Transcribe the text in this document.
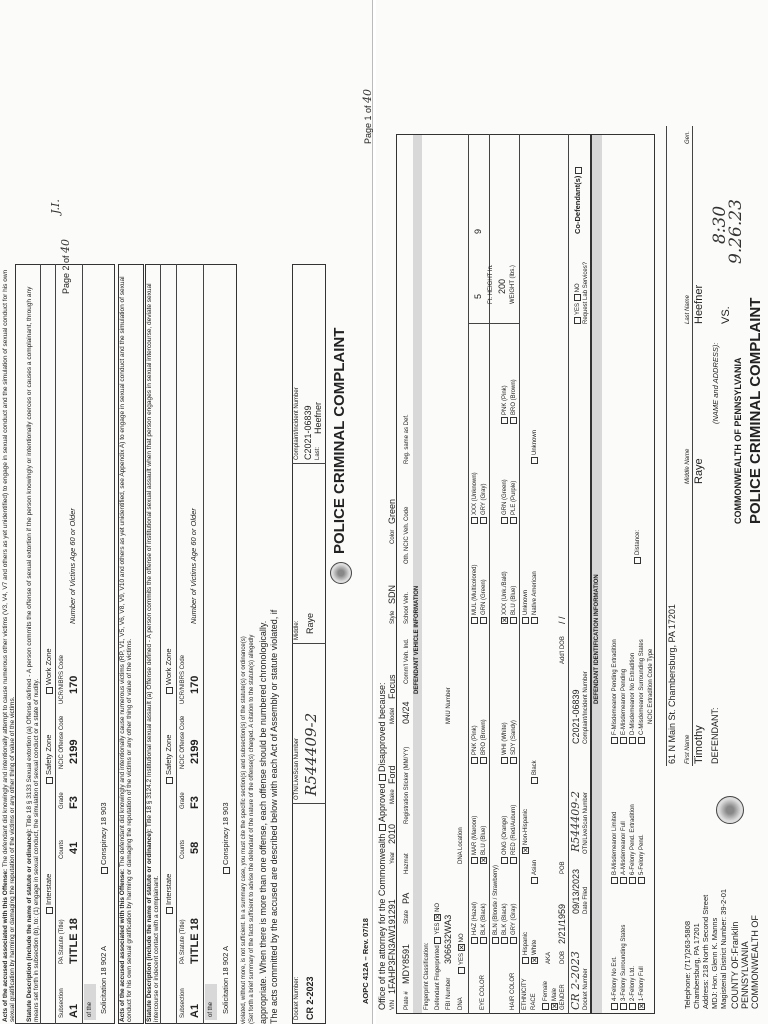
POLICE CRIMINAL COMPLAINT
Docket Number: CR 2-2023
OTN/LiveScan Number R544409-2
Middle: Raye
Complaint/Incident Number C2021-06839 Last:
Heefner
The acts committed by the accused are described below with each Act of Assembly or statute violated, if
appropriate. When there is more than one offense, each offense should be numbered chronologically.
(Set forth a brief summary of the facts sufficient to advise the defendant of the nature of the offense(s) charged. A citation to the statute(s) allegedly
violated, without more, is not sufficient. In a summary case, you must cite the specific section(s) and subsection(s) of the statute(s) or ordinance(s)
Solicitation 18 902 A
Conspiracy 18 903
of the
A1
TITLE 18
58
F3
2199
170
Subsection
PA Statute (Title)
Counts
Grade
NCIC Offense Code
UCR/NIBRS Code
Interstate
Safety Zone
Work Zone
Number of Victims Age 60 or Older
Statute Description (include the name of statute or ordinance): Title 18 § 3124.2 Institutional sexual assault (a) Offense defined - A person commits the offense of institutional sexual assault when that person engages in sexual intercourse, deviate sexual intercourse or indecent contact with a complainant.
Acts of the accused associated with this Offense: The defendant did knowingly and intentionally cause numerous victims (RP, V1, V5, V6, V8, V9, V10 and others as yet unidentified, see Appendix A) to engage in sexual conduct and the simulation of sexual conduct for his own sexual gratification by harming or damaging the reputation of the victims or any other thing of value of the victims.
Solicitation 18 902 A
Conspiracy 18 903
of the
A1
TITLE 18
41
F3
2199
170
Subsection
PA Statute (Title)
Counts
Grade
NCIC Offense Code
UCR/NIBRS Code
Interstate
Safety Zone
Work Zone
Number of Victims Age 60 or Older
Statute Description (include the name of statute or ordinance): Title 18 § 3133 Sexual extortion (a) Offense defined - A person commits the offense of sexual extortion if the person knowingly or intentionally coerces or causes a complainant, through any means set forth in subsection (b), to: (1) engage in sexual conduct, the simulation of sexual conduct or a state of nudity.
Acts of the accused associated with this Offense: The defendant did knowingly and intentionally attempt to cause numerous other victims (V3, V4, V7 and others as yet unidentified) to engage in sexual conduct and the simulation of sexual conduct for his own sexual gratification by harming or damaging the reputation of the victims or any other thing of value of the victims.
Page 2 of 40
J.I.
COMMONWEALTH OF
PENNSYLVANIA
COUNTY OF:Franklin
Magisterial District Number: 39-2-01
MDJ: Hon. Glenn K. Manns
Address: 218 North Second Street
Chambersburg, PA 17201
Telephone: (717)263-5808
POLICE CRIMINAL COMPLAINT
COMMONWEALTH OF PENNSYLVANIA
VS.
9.26.23
8:30
DEFENDANT:
(NAME and ADDRESS):
Timothy
Raye
Heefner
First Name
Middle Name
Last Name
Gen.
61 N Main St. Chambersburg, PA 17201
NCIC Extradition Code Type
✕1-Felony Full
2-Felony Ltd.
3-Felony Surrounding States
4-Felony No Ext.
5-Felony Pend.
6-Felony Pend. Extradition
A-Misdemeanor Full
B-Misdemeanor Limited
C-Misdemeanor Surrounding States
D-Misdemeanor No Extradition
E-Misdemeanor Pending
F-Misdemeanor Pending Extradition
Distance:
DEFENDANT IDENTIFICATION INFORMATION
Docket Number
CR 2-2023
Date Filed
09/13/2023
OTN/LiveScan Number
R544409-2
Complaint/Incident Number
C2021-06839
Request Lab Services?
YES NO
Co-Defendant(s)
GENDER
✕Male
Female
DOB
2/21/1959
POB
Add'l DOB
/ /
AKA
RACE
✕White
Asian
Black
Native American
Unknown
ETHNICITY
Hispanic
✕Non-Hispanic
Unknown
HAIR COLOR
GRY (Gray)
RED (Red/Auburn)
SDY (Sandy)
BLU (Blue)
PLE (Purple)
BRO (Brown)
BLK (Black)
ONG (Orange)
WHI (White)
✕XXX (Unk./Bald)
GRN (Green)
PNK (Pink)
BLN (Blonde / Strawberry)
EYE COLOR
BLK (Black)
✕BLU (Blue)
BRO (Brown)
GRN (Green)
GRY (Gray)
HAZ (Hazel)
MAR (Maroon)
PNK (Pink)
MUL (Multicolored)
XXX (Unknown)
WEIGHT (lbs.)
200
Ft. HEIGHT In.
5
9
DNA
YES ✕NO
DNA Location
FBI Number
306632WA3
MNU Number
Defendant Fingerprinted YES ✕NO
Fingerprint Classification:
DEFENDANT VEHICLE INFORMATION
Plate #
MDY8591
State
PA
Hazmat
Registration Sticker (MM/YY)
04/24
Comm'l Veh. Ind.
School Veh.
Oth. NCIC Veh. Code
Reg. same as Def.
VIN
1FAHP3FN3AW191291
Year
2010
Make
Ford
Model
Focus
Style
SDN
Color
Green
Office of the attorney for the Commonwealth Approved Disapproved because:
AOPC 412A – Rev. 07/18
Page 1 of 40
